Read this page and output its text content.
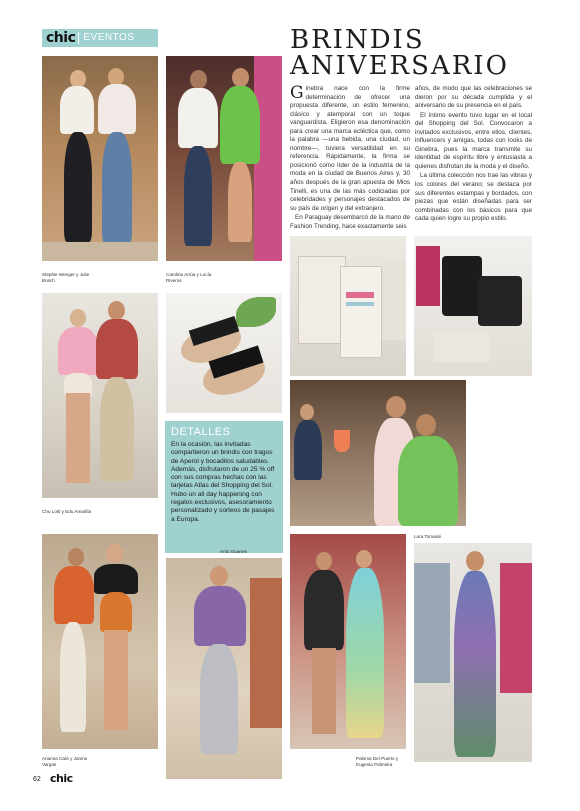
chic EVENTOS	BRINDIS
ANIVERSARIO

Ginebra nace con la firme determinación de ofrecer una propuesta diferente, un estilo femenino, clásico y atemporal con un toque vanguardista. Eligieron esa denominación para crear una marca ecléctica que, como la palabra —una bebida, una ciudad, un nombre—, tuviera versatilidad en su referencia. Rápidamente, la firma se posicionó como líder de la industria de la moda en la ciudad de Buenos Aires y, 30 años después de la gran apuesta de Mios Tinelli, es una de las más codiciadas por celebridades y personajes destacados de su país de origen y del extranjero.

En Paraguay desembarcó de la mano de Fashion Trending, hace exactamente seis

años, de modo que las celebraciones se dieron por su década cumplida y el aniversario de su presencia en el país.

El íntimo evento tuvo lugar en el local del Shopping del Sol. Convocaron a invitados exclusivos, entre ellos, clientes, influencers y amigas, todas con looks de Ginebra, pues la marca transmite su identidad de espíritu libre y entusiasta a quienes disfrutan de la moda y el diseño.

La última colección nos trae las vibras y los colores del verano; se destaca por sus diferentes estampas y bordados, con piezas que están diseñadas para ser combinadas con los básicos para que cada quien logre su propio estilo.

Stephie Wenger y Julie Bosch
Carolina Arrúa y Lucía Riveros
Chu Lotti y Edu Amarilla
DETALLES
En la ocasión, las invitadas compartieron un brindis con tragos de Aperol y bocaditos saludables. Además, disfrutaron de un 25 % off con sus compras hechas con las tarjetas Atlas del Shopping del Sol. Hubo un all day happening con regalos exclusivos, asesoramiento personalizado y sorteos de pasajes a Europa.
Arianna Cató y Janine Vargas
Anto Guanes
Paloma Del Puerto y Eugenia Palmeira
Lara Tomassi
62 chic
